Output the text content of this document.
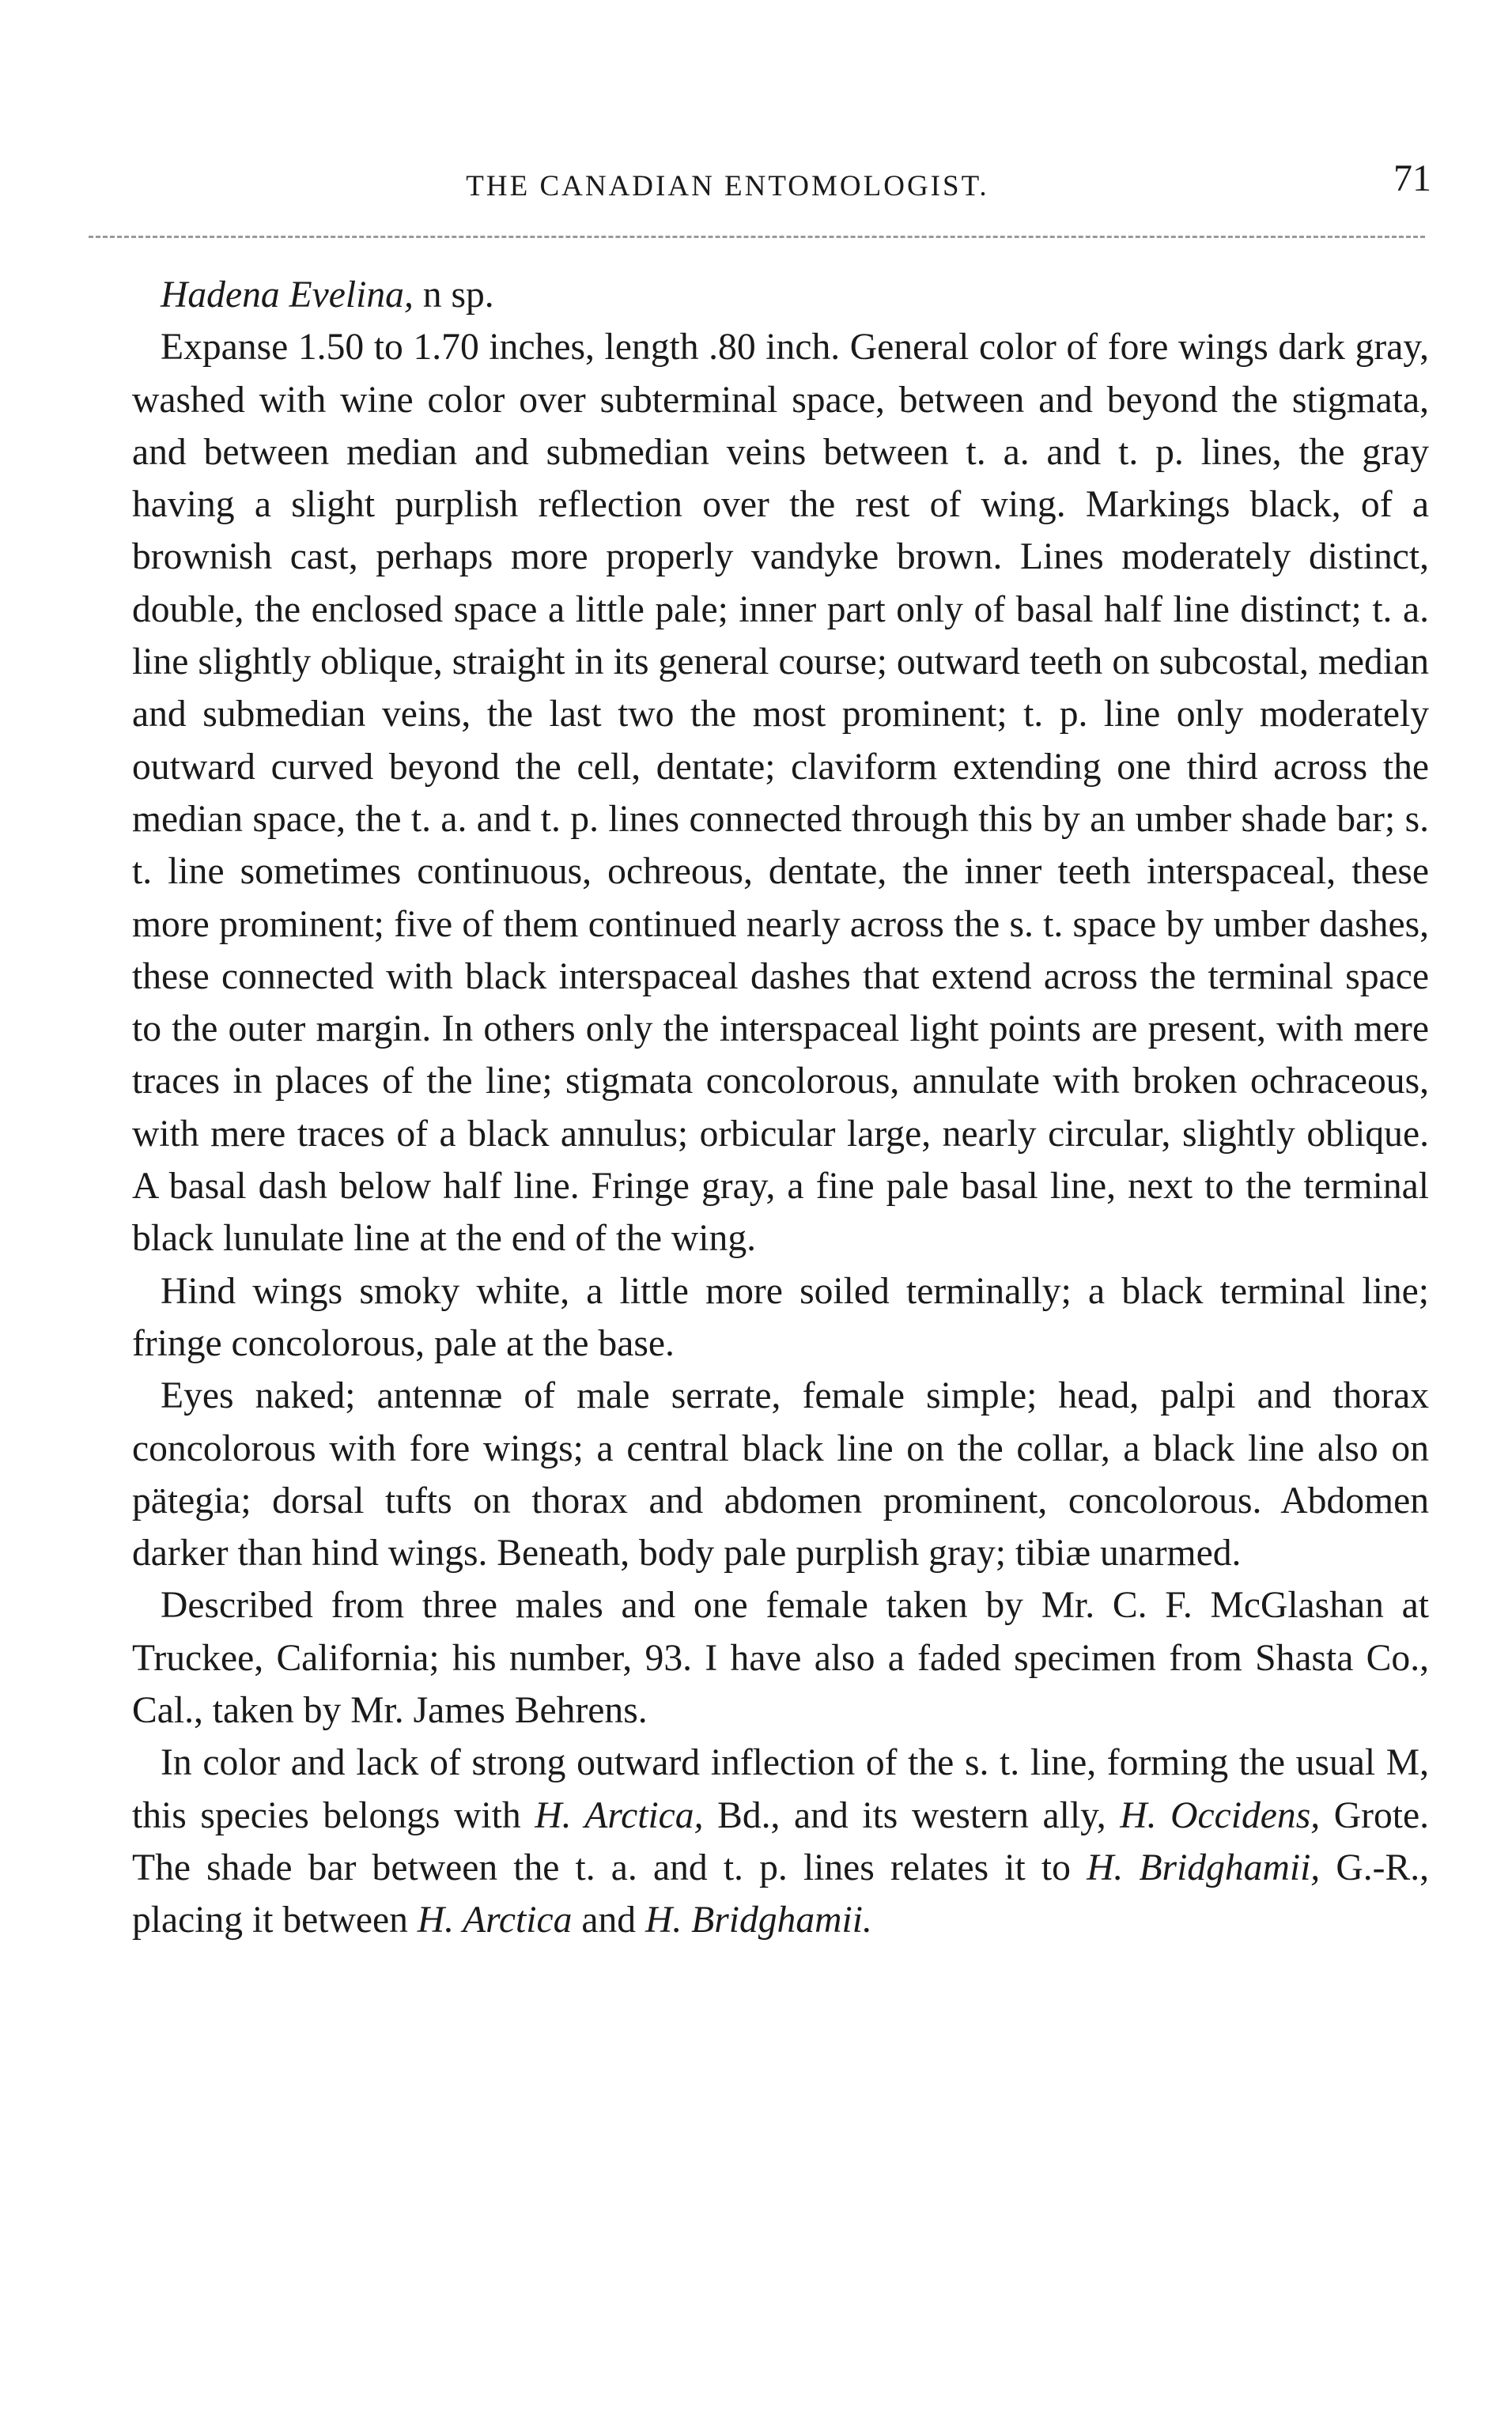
THE CANADIAN ENTOMOLOGIST.	71

Hadena Evelina, n sp.

Expanse 1.50 to 1.70 inches, length .80 inch. General color of fore wings dark gray, washed with wine color over subterminal space, between and beyond the stigmata, and between median and submedian veins between t. a. and t. p. lines, the gray having a slight purplish reflection over the rest of wing. Markings black, of a brownish cast, perhaps more properly vandyke brown. Lines moderately distinct, double, the enclosed space a little pale; inner part only of basal half line distinct; t. a. line slightly oblique, straight in its general course; outward teeth on subcostal, median and submedian veins, the last two the most prominent; t. p. line only moderately outward curved beyond the cell, dentate; claviform extending one third across the median space, the t. a. and t. p. lines connected through this by an umber shade bar; s. t. line sometimes continuous, ochreous, dentate, the inner teeth interspaceal, these more prominent; five of them continued nearly across the s. t. space by umber dashes, these connected with black interspaceal dashes that extend across the terminal space to the outer margin. In others only the interspaceal light points are present, with mere traces in places of the line; stigmata concolorous, annulate with broken ochraceous, with mere traces of a black annulus; orbicular large, nearly circular, slightly oblique. A basal dash below half line. Fringe gray, a fine pale basal line, next to the terminal black lunulate line at the end of the wing.

Hind wings smoky white, a little more soiled terminally; a black terminal line; fringe concolorous, pale at the base.

Eyes naked; antennæ of male serrate, female simple; head, palpi and thorax concolorous with fore wings; a central black line on the collar, a black line also on pätegia; dorsal tufts on thorax and abdomen prominent, concolorous. Abdomen darker than hind wings. Beneath, body pale purplish gray; tibiæ unarmed.

Described from three males and one female taken by Mr. C. F. McGlashan at Truckee, California; his number, 93. I have also a faded specimen from Shasta Co., Cal., taken by Mr. James Behrens.

In color and lack of strong outward inflection of the s. t. line, forming the usual M, this species belongs with H. Arctica, Bd., and its western ally, H. Occidens, Grote. The shade bar between the t. a. and t. p. lines relates it to H. Bridghamii, G.-R., placing it between H. Arctica and H. Bridghamii.
